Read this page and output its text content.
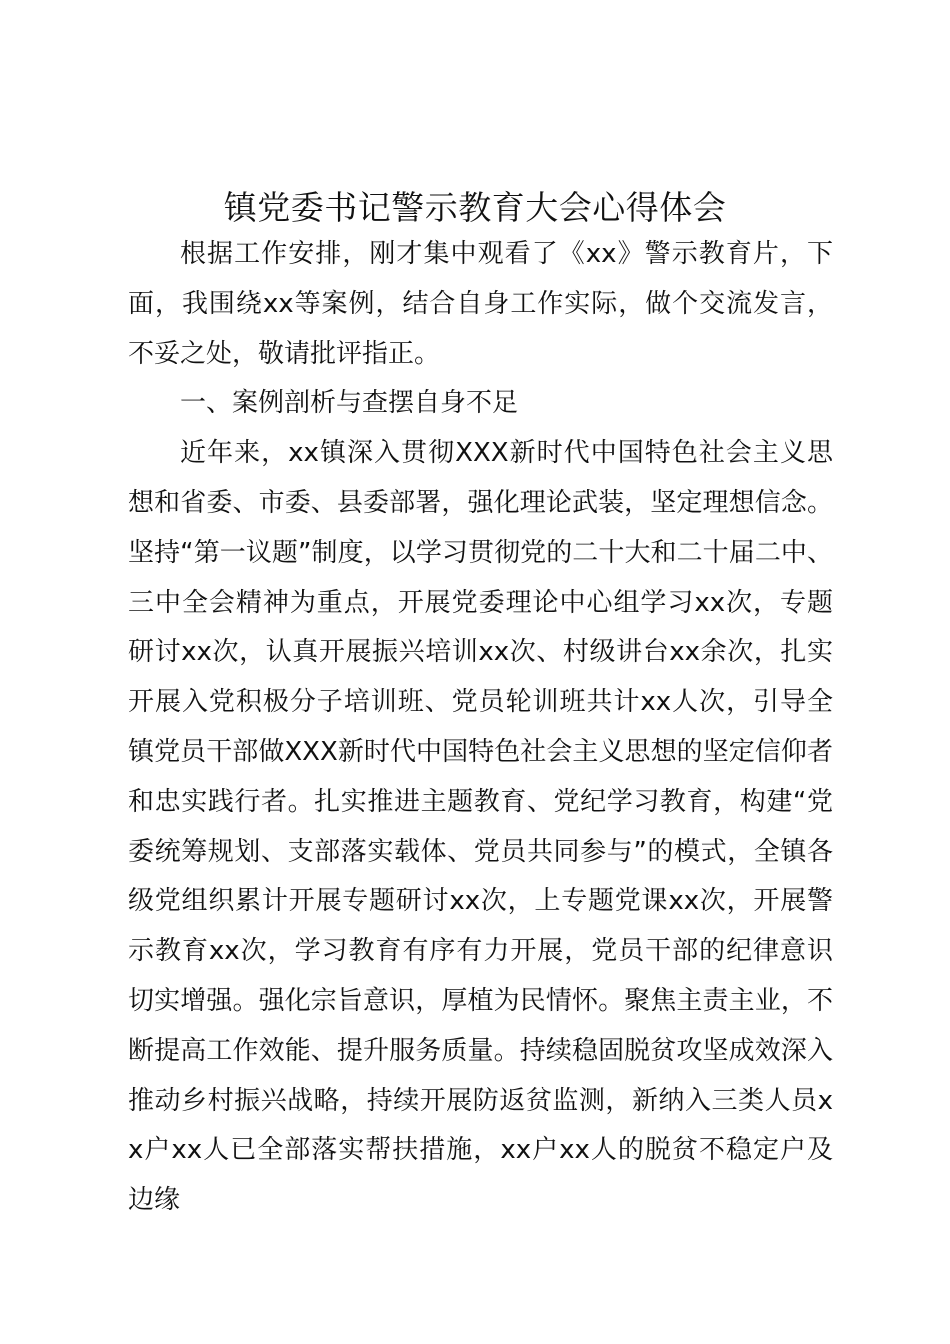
镇党委书记警示教育大会心得体会

根据工作安排，刚才集中观看了《xx》警示教育片，下面，我围绕xx等案例，结合自身工作实际，做个交流发言，不妥之处，敬请批评指正。

一、案例剖析与查摆自身不足

近年来，xx镇深入贯彻XXX新时代中国特色社会主义思想和省委、市委、县委部署，强化理论武装，坚定理想信念。坚持“第一议题”制度，以学习贯彻党的二十大和二十届二中、三中全会精神为重点，开展党委理论中心组学习xx次，专题研讨xx次，认真开展振兴培训xx次、村级讲台xx余次，扎实开展入党积极分子培训班、党员轮训班共计xx人次，引导全镇党员干部做XXX新时代中国特色社会主义思想的坚定信仰者和忠实践行者。扎实推进主题教育、党纪学习教育，构建“党委统筹规划、支部落实载体、党员共同参与”的模式，全镇各级党组织累计开展专题研讨xx次，上专题党课xx次，开展警示教育xx次，学习教育有序有力开展，党员干部的纪律意识切实增强。强化宗旨意识，厚植为民情怀。聚焦主责主业，不断提高工作效能、提升服务质量。持续稳固脱贫攻坚成效深入推动乡村振兴战略，持续开展防返贫监测，新纳入三类人员xx户xx人已全部落实帮扶措施，xx户xx人的脱贫不稳定户及边缘
